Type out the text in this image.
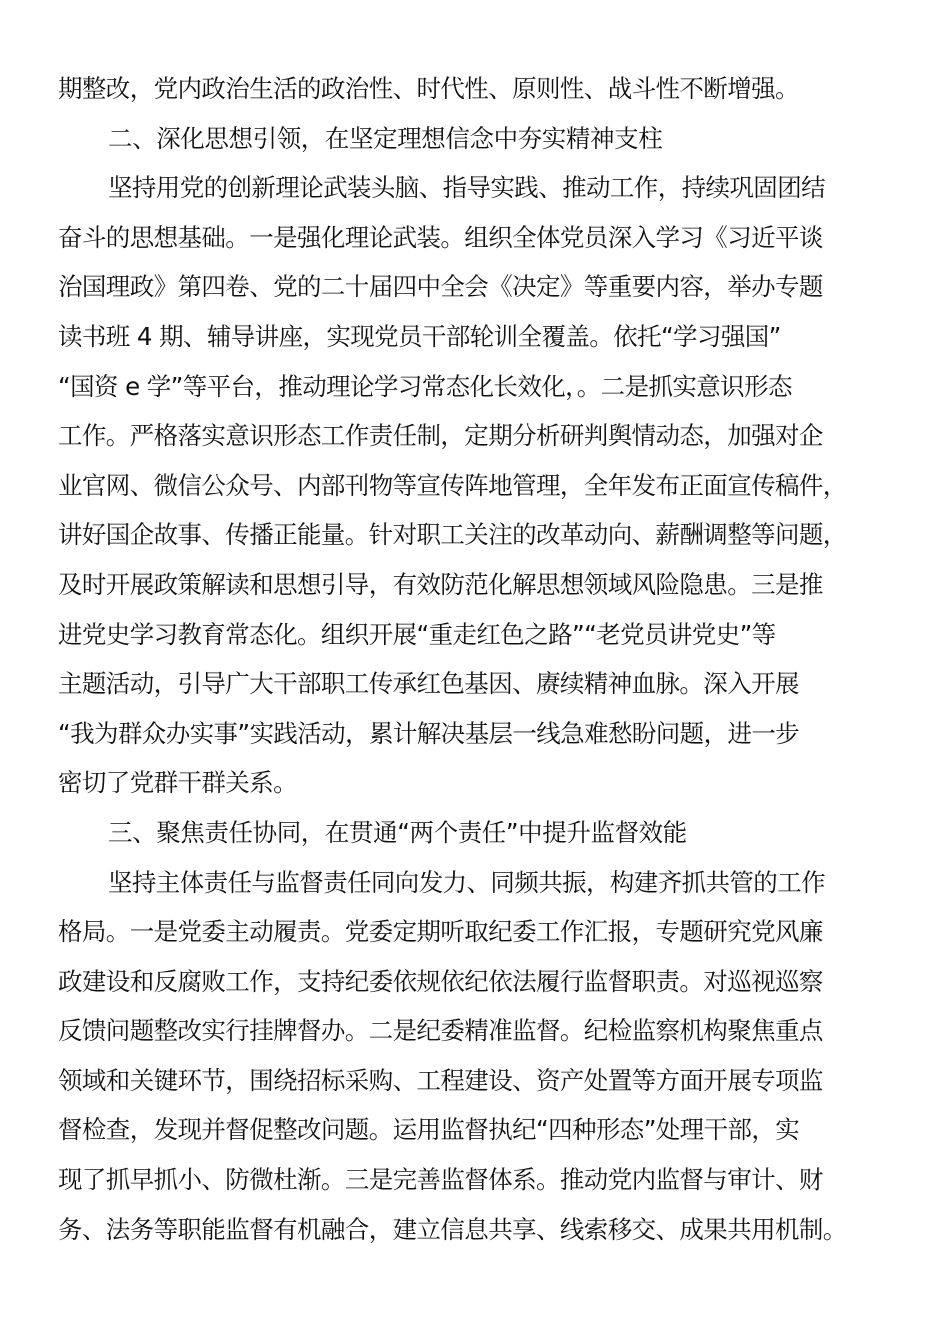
期整改，党内政治生活的政治性、时代性、原则性、战斗性不断增强。
二、深化思想引领，在坚定理想信念中夯实精神支柱
坚持用党的创新理论武装头脑、指导实践、推动工作，持续巩固团结
奋斗的思想基础。一是强化理论武装。组织全体党员深入学习《习近平谈
治国理政》第四卷、党的二十届四中全会《决定》等重要内容，举办专题
读书班 4 期、辅导讲座，实现党员干部轮训全覆盖。依托“学习强国”
“国资 e 学”等平台，推动理论学习常态化长效化，。二是抓实意识形态
工作。严格落实意识形态工作责任制，定期分析研判舆情动态，加强对企
业官网、微信公众号、内部刊物等宣传阵地管理，全年发布正面宣传稿件，
讲好国企故事、传播正能量。针对职工关注的改革动向、薪酬调整等问题，
及时开展政策解读和思想引导，有效防范化解思想领域风险隐患。三是推
进党史学习教育常态化。组织开展“重走红色之路”“老党员讲党史”等
主题活动，引导广大干部职工传承红色基因、赓续精神血脉。深入开展
“我为群众办实事”实践活动，累计解决基层一线急难愁盼问题，进一步
密切了党群干群关系。
三、聚焦责任协同，在贯通“两个责任”中提升监督效能
坚持主体责任与监督责任同向发力、同频共振，构建齐抓共管的工作
格局。一是党委主动履责。党委定期听取纪委工作汇报，专题研究党风廉
政建设和反腐败工作，支持纪委依规依纪依法履行监督职责。对巡视巡察
反馈问题整改实行挂牌督办。二是纪委精准监督。纪检监察机构聚焦重点
领域和关键环节，围绕招标采购、工程建设、资产处置等方面开展专项监
督检查，发现并督促整改问题。运用监督执纪“四种形态”处理干部，实
现了抓早抓小、防微杜渐。三是完善监督体系。推动党内监督与审计、财
务、法务等职能监督有机融合，建立信息共享、线索移交、成果共用机制。
